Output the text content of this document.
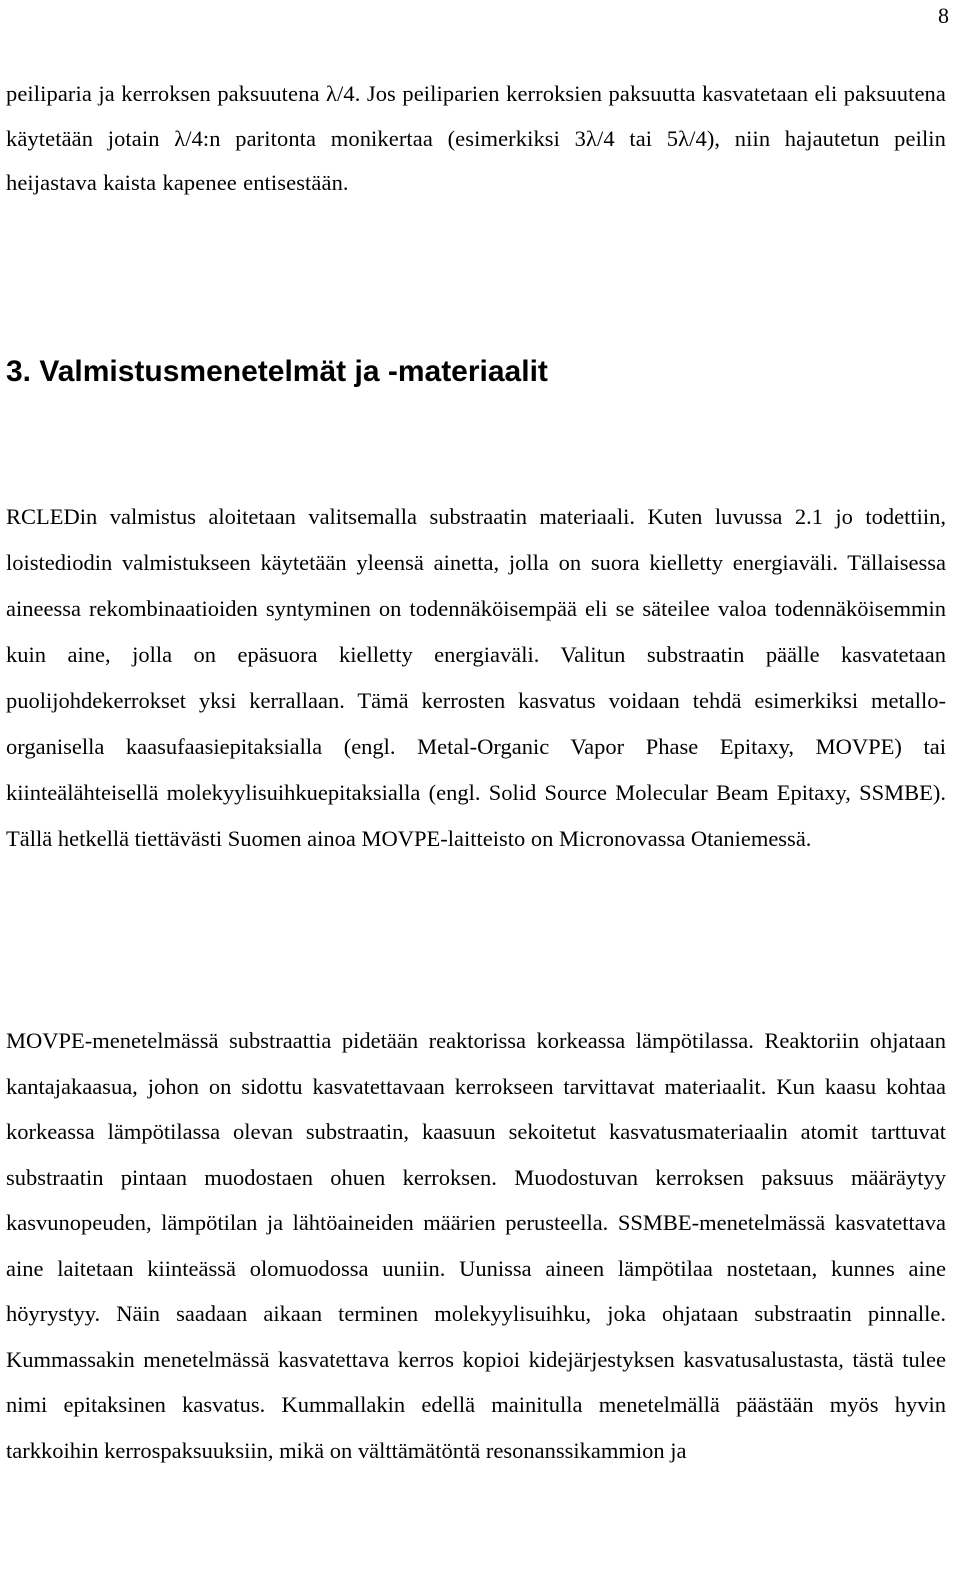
8

peiliparia ja kerroksen paksuutena λ/4. Jos peiliparien kerroksien paksuutta kasvatetaan eli paksuutena käytetään jotain λ/4:n paritonta monikertaa (esimerkiksi 3λ/4 tai 5λ/4), niin hajautetun peilin heijastava kaista kapenee entisestään.

3. Valmistusmenetelmät ja -materiaalit

RCLEDin valmistus aloitetaan valitsemalla substraatin materiaali. Kuten luvussa 2.1 jo todettiin, loistediodin valmistukseen käytetään yleensä ainetta, jolla on suora kielletty energiaväli. Tällaisessa aineessa rekombinaatioiden syntyminen on todennäköisempää eli se säteilee valoa todennäköisemmin kuin aine, jolla on epäsuora kielletty energiaväli. Valitun substraatin päälle kasvatetaan puolijohdekerrokset yksi kerrallaan. Tämä kerrosten kasvatus voidaan tehdä esimerkiksi metallo-organisella kaasufaasiepitaksialla (engl. Metal-Organic Vapor Phase Epitaxy, MOVPE) tai kiinteälähteisellä molekyylisuihkuepitaksialla (engl. Solid Source Molecular Beam Epitaxy, SSMBE). Tällä hetkellä tiettävästi Suomen ainoa MOVPE-laitteisto on Micronovassa Otaniemessä.

MOVPE-menetelmässä substraattia pidetään reaktorissa korkeassa lämpötilassa. Reaktoriin ohjataan kantajakaasua, johon on sidottu kasvatettavaan kerrokseen tarvittavat materiaalit. Kun kaasu kohtaa korkeassa lämpötilassa olevan substraatin, kaasuun sekoitetut kasvatusmateriaalin atomit tarttuvat substraatin pintaan muodostaen ohuen kerroksen. Muodostuvan kerroksen paksuus määräytyy kasvunopeuden, lämpötilan ja lähtöaineiden määrien perusteella. SSMBE-menetelmässä kasvatettava aine laitetaan kiinteässä olomuodossa uuniin. Uunissa aineen lämpötilaa nostetaan, kunnes aine höyrystyy. Näin saadaan aikaan terminen molekyylisuihku, joka ohjataan substraatin pinnalle. Kummassakin menetelmässä kasvatettava kerros kopioi kidejärjestyksen kasvatusalustasta, tästä tulee nimi epitaksinen kasvatus. Kummallakin edellä mainitulla menetelmällä päästään myös hyvin tarkkoihin kerrospaksuuksiin, mikä on välttämätöntä resonanssikammion ja
